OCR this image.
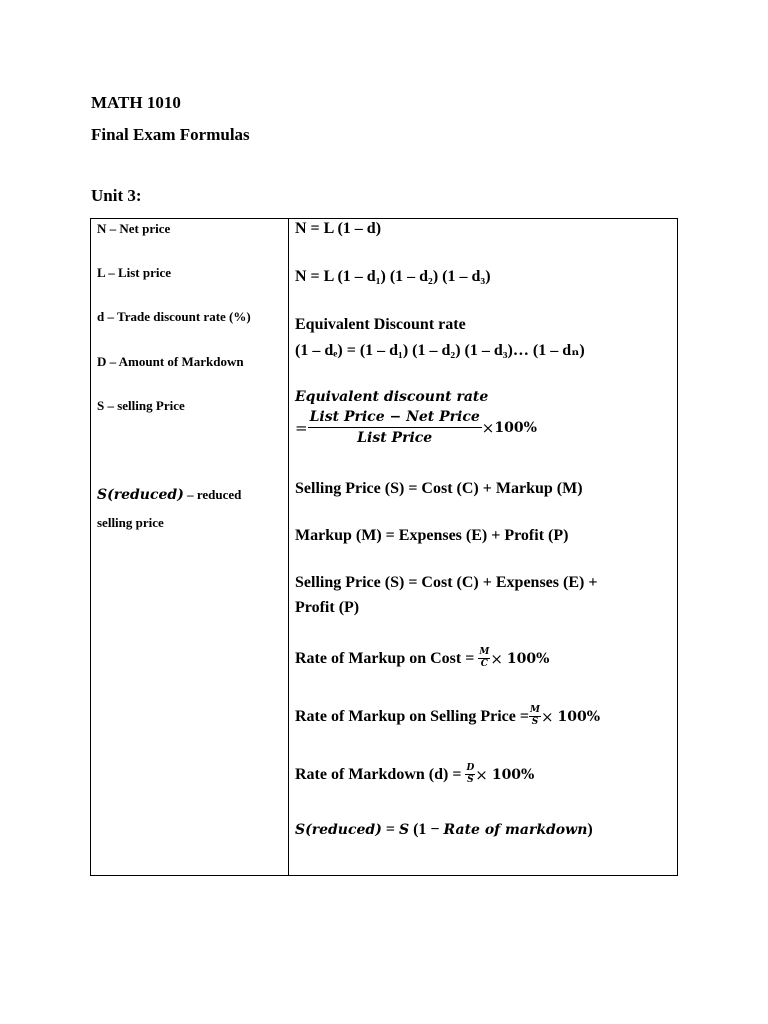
MATH 1010
Final Exam Formulas
Unit 3:
N – Net price
L – List price
d – Trade discount rate (%)
D – Amount of Markdown
S – selling Price
S(reduced) – reduced
selling price
N = L (1 – d)
N = L (1 – d₁) (1 – d₂) (1 – d₃)
Equivalent Discount rate
(1 – dₑ) = (1 – d₁) (1 – d₂) (1 – d₃)… (1 – dₙ)
Equivalent discount rate
= $\frac{\text{List Price − Net Price}}{\text{List Price}} \times 100\%$
Selling Price (S) = Cost (C) + Markup (M)
Markup (M) = Expenses (E) + Profit (P)
Selling Price (S) = Cost (C) + Expenses (E) +
Profit (P)
Rate of Markup on Cost =
$\frac{M}{C}$ ×
100%
Rate of Markup on Selling Price = $\frac{M}{S}$ ×
100%
Rate of Markdown (d) =
$\frac{D}{S}$ ×
100%
S(reduced) = S (1 − Rate of markdown)
